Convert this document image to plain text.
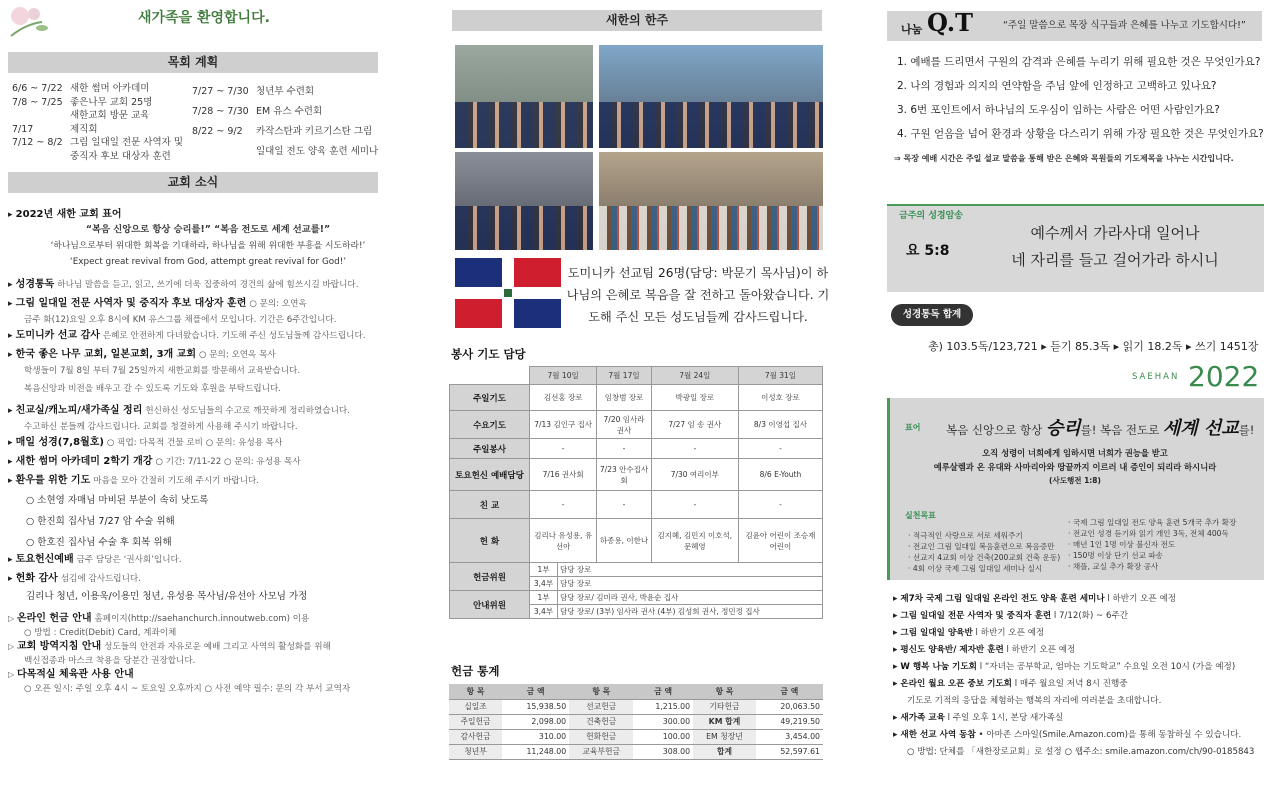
새가족을 환영합니다.
목회 계획
6/6 ~ 7/22 새한 썸머 아카데미
7/8 ~ 7/25 좋은나무 교회 25명
새한교회 방문 교육
7/17	제직회
7/12 ~ 8/2 그림 일대일 전문 사역자 및
중직자 후보 대상자 훈련
7/27 ~ 7/30 청년부 수련회
7/28 ~ 7/30 EM 유스 수련회
8/22 ~ 9/2 카작스탄과 키르기스탄 그림
일대일 전도 양육 훈련 세미나
교회 소식
▸ 2022년 새한 교회 표어
“복음 신앙으로 항상 승리를!” “복음 전도로 세계 선교를!”
‘하나님으로부터 위대한 회복을 기대하라, 하나님을 위해 위대한 부흥을 시도하라!’
‘Expect great revival from God, attempt great revival for God!’
▸ 성경통독 하나님 말씀을 듣고, 읽고, 쓰기에 더욱 집중하여 경건의 삶에 힘쓰시길 바랍니다.
▸ 그림 일대일 전문 사역자 및 중직자 후보 대상자 훈련 ○ 문의: 오연옥
금주 화(12)요일 오후 8시에 KM 유스그룹 채플에서 모입니다. 기간은 6주간입니다.
▸ 도미니카 선교 감사 은혜로 안전하게 다녀왔습니다. 기도해 주신 성도님들께 감사드립니다.
▸ 한국 좋은 나무 교회, 일본교회, 3개 교회 ○ 문의: 오연옥 목사
학생들이 7월 8일 부터 7월 25일까지 새한교회를 방문해서 교육받습니다.
복음신앙과 비전을 배우고 갈 수 있도록 기도와 후원을 부탁드립니다.
▸ 친교실/캐노피/새가족실 정리 헌신하신 성도님들의 수고로 깨끗하게 정리하였습니다.
수고하신 분들께 감사드립니다. 교회를 청결하게 사용해 주시기 바랍니다.
▸ 매일 성경(7,8월호) ○ 픽업: 다목적 건물 로비 ○ 문의: 유성용 목사
▸ 새한 썸머 아카데미 2학기 개강 ○ 기간: 7/11-22 ○ 문의: 유성용 목사
▸ 환우를 위한 기도 마음을 모아 간절히 기도해 주시기 바랍니다.
○ 소현영 자매님 마비된 부분이 속히 낫도록
○ 한진희 집사님 7/27 암 수술 위해
○ 한호진 집사님 수술 후 회복 위해
▸ 토요헌신예배 금주 담당은 ‘권사회’입니다.
▸ 헌화 감사 섬김에 감사드립니다.
김리나 청년, 이용욱/이용민 청년, 유성용 목사님/유선아 사모님 가정
▷ 온라인 헌금 안내 홈페이지(http://saehanchurch.innoutweb.com) 이용
○ 방법 : Credit(Debit) Card, 계좌이체
▷ 교회 방역지침 안내 성도들의 안전과 자유로운 예배 그리고 사역의 활성화를 위해
백신접종과 마스크 착용을 당분간 권장합니다.
▷ 다목적실 체육관 사용 안내
○ 오픈 일시: 주일 오후 4시 ~ 토요일 오후까지 ○ 사전 예약 필수: 문의 각 부서 교역자
새한의 한주
도미니카 선교팀 26명(담당: 박문기 목사님)이 하나님의 은혜로 복음을 잘 전하고 돌아왔습니다. 기도해 주신 모든 성도님들께 감사드립니다.
봉사 기도 담당
	7월 10일		7월 17일	7월 24일	7월 31일
주일기도	김선홍 장로		임창범 장로	박광일 장로	이성호 장로
수요기도	7/13 김인구 집사		7/20 임사라 권사	7/27 임 송 권사	8/3 이영섭 집사
주일봉사	-		-	-	-
토요헌신 예배담당	7/16 권사회		7/23 안수집사회	7/30 여리이부	8/6 E-Youth
친 교	-		-	-	-
헌 화	김리나 유성용, 유선아		하종용, 이한나	김지혜, 김민지 이호석, 문혜영	김윤아 어린이 조승재 어린이
헌금위원	1부	담당 장로			
	3,4부	담당 장로			
안내위원	1부	담당 장로/ 김미라 권사, 박윤순 집사			
	3,4부	담당 장로/ (3부) 임사라 권사 (4부) 김성희 권사, 정민정 집사			
헌금 통계
항 목	금 액	항 목	금 액	항 목	금 액
십일조	15,938.50	선교헌금	1,215.00	기타헌금	20,063.50
주일헌금	2,098.00	건축헌금	300.00	KM 합계	49,219.50
감사헌금	310.00	헌화헌금	100.00	EM 청장년	3,454.00
청년부	11,248.00	교육부헌금	308.00	합계	52,597.61
나눔 Q.T	“주일 말씀으로 목장 식구들과 은혜를 나누고 기도합시다!”
1. 예배를 드리면서 구원의 감격과 은혜를 누리기 위해 필요한 것은 무엇인가요?
2. 나의 경험과 의지의 연약함을 주님 앞에 인정하고 고백하고 있나요?
3. 6번 포인트에서 하나님의 도우심이 임하는 사람은 어떤 사람인가요?
4. 구원 얻음을 넘어 환경과 상황을 다스리기 위해 가장 필요한 것은 무엇인가요?
⇒ 목장 예배 시간은 주일 설교 말씀을 통해 받은 은혜와 목원들의 기도제목을 나누는 시간입니다.
금주의 성경암송
요 5:8
예수께서 가라사대 일어나
네 자리를 들고 걸어가라 하시니
성경통독 합계
총) 103.5독/123,721 ▸ 듣기 85.3독 ▸ 읽기 18.2독 ▸ 쓰기 1451장
SAEHAN 2022
표어 복음 신앙으로 항상 승리를! 복음 전도로 세계 선교를!
오직 성령이 너희에게 임하시면 너희가 권능을 받고
예루살렘과 온 유대와 사마리아와 땅끝까지 이르러 내 증인이 되리라 하시니라
(사도행전 1:8)
실천목표
· 적극적인 사랑으로 서로 세워주기
· 전교인 그림 일대일 복음훈련으로 복음증만
· 선교지 4교회 이상 건축(200교회 건축 운동)
· 4회 이상 국제 그림 일대일 세미나 실시
· 국제 그림 일대일 전도 양육 훈련 5개국 추가 확장
· 전교인 성경 듣기와 읽기 개인 3독, 전체 400독
· 매년 1인 1명 이상 불신자 전도
· 150명 이상 단기 선교 파송
· 채플, 교실 추가 확장 공사
▸ 제7차 국제 그림 일대일 온라인 전도 양육 훈련 세미나 l 하반기 오픈 예정
▸ 그림 일대일 전문 사역자 및 중직자 훈련 l 7/12(화) ~ 6주간
▸ 그림 일대일 양육반 l 하반기 오픈 예정
▸ 평신도 양육반/ 제자반 훈련 l 하반기 오픈 예정
▸ W 행복 나눔 기도회 l “자녀는 공부학교, 엄마는 기도학교” 수요일 오전 10시 (가을 예정)
▸ 온라인 월요 오픈 중보 기도회 l 매주 월요일 저녁 8시 진행중
기도로 기적의 응답을 체험하는 행복의 자리에 여러분을 초대합니다.
▸ 새가족 교육 l 주일 오후 1시, 본당 새가족실
▸ 새한 선교 사역 동참 • 아마존 스마일(Smile.Amazon.com)을 통해 동참하실 수 있습니다.
○ 방법: 단체를 「새한장로교회」로 설정 ○ 웹주소: smile.amazon.com/ch/90-0185843
